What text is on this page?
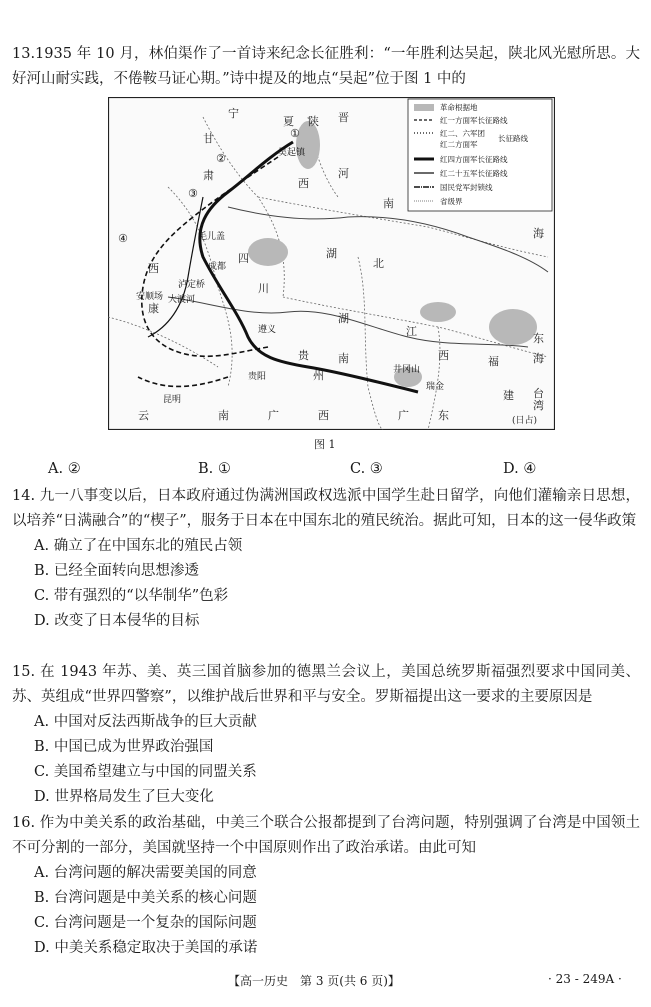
13.1935 年 10 月，林伯渠作了一首诗来纪念长征胜利：“一年胜利达吴起，陕北风光慰所思。大好河山耐实践，不倦鞍马证心期。”诗中提及的地点“吴起”位于图 1 中的

①
②
③
④
宁
夏
甘
陕
肃
晋
西
河
南
湖
北
四
川
西
康
湖
南
江
西	福
建
云	南	广	西	广	东
贵
州
海
东
海
台
湾
(日占)
吴起镇
毛儿盖
成都
大渡河
泸定桥
安顺场
遵义
贵阳
昆明
瑞金
井冈山
革命根据地
红一方面军长征路线
红二、六军团
长征路线
红二方面军
红四方面军长征路线
红二十五军长征路线
国民党军封锁线
省级界
图 1
A. ②	B. ①	C. ③	D. ④

14. 九一八事变以后，日本政府通过伪满洲国政权选派中国学生赴日留学，向他们灌输亲日思想，以培养“日满融合”的“楔子”，服务于日本在中国东北的殖民统治。据此可知，日本的这一侵华政策

A. 确立了在中国东北的殖民占领
B. 已经全面转向思想渗透
C. 带有强烈的“以华制华”色彩
D. 改变了日本侵华的目标

15. 在 1943 年苏、美、英三国首脑参加的德黑兰会议上，美国总统罗斯福强烈要求中国同美、苏、英组成“世界四警察”，以维护战后世界和平与安全。罗斯福提出这一要求的主要原因是

A. 中国对反法西斯战争的巨大贡献
B. 中国已成为世界政治强国
C. 美国希望建立与中国的同盟关系
D. 世界格局发生了巨大变化

16. 作为中美关系的政治基础，中美三个联合公报都提到了台湾问题，特别强调了台湾是中国领土不可分割的一部分，美国就坚持一个中国原则作出了政治承诺。由此可知

A. 台湾问题的解决需要美国的同意
B. 台湾问题是中美关系的核心问题
C. 台湾问题是一个复杂的国际问题
D. 中美关系稳定取决于美国的承诺
【高一历史　第 3 页(共 6 页)】	· 23 - 249A ·
